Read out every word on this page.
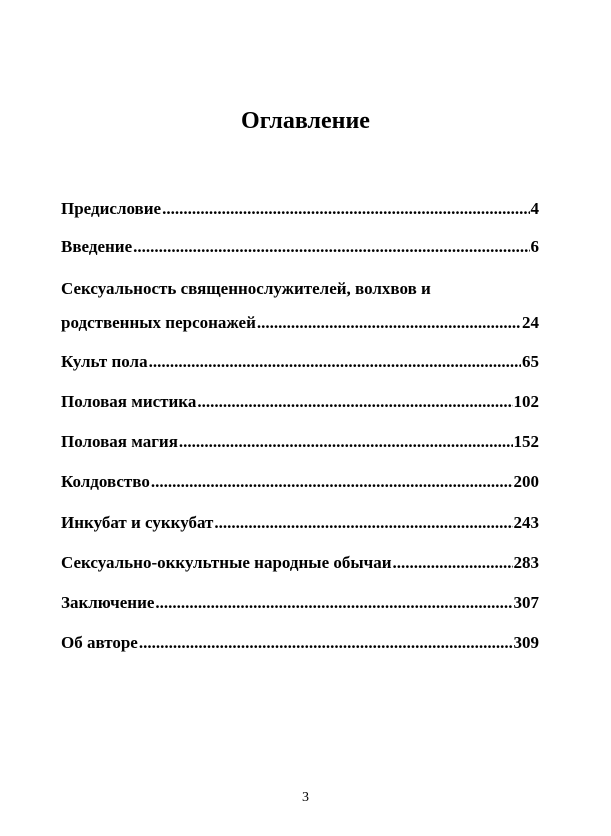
Оглавление
Предисловие .....	4
Введение .....	6
Сексуальность священнослужителей, волхвов и
родственных персонажей .....	24
Культ пола .....	65
Половая мистика .....	102
Половая магия .....	152
Колдовство .....	200
Инкубат и суккубат .....	243
Сексуально-оккультные народные обычаи .....	283
Заключение .....	307
Об авторе .....	309
3
